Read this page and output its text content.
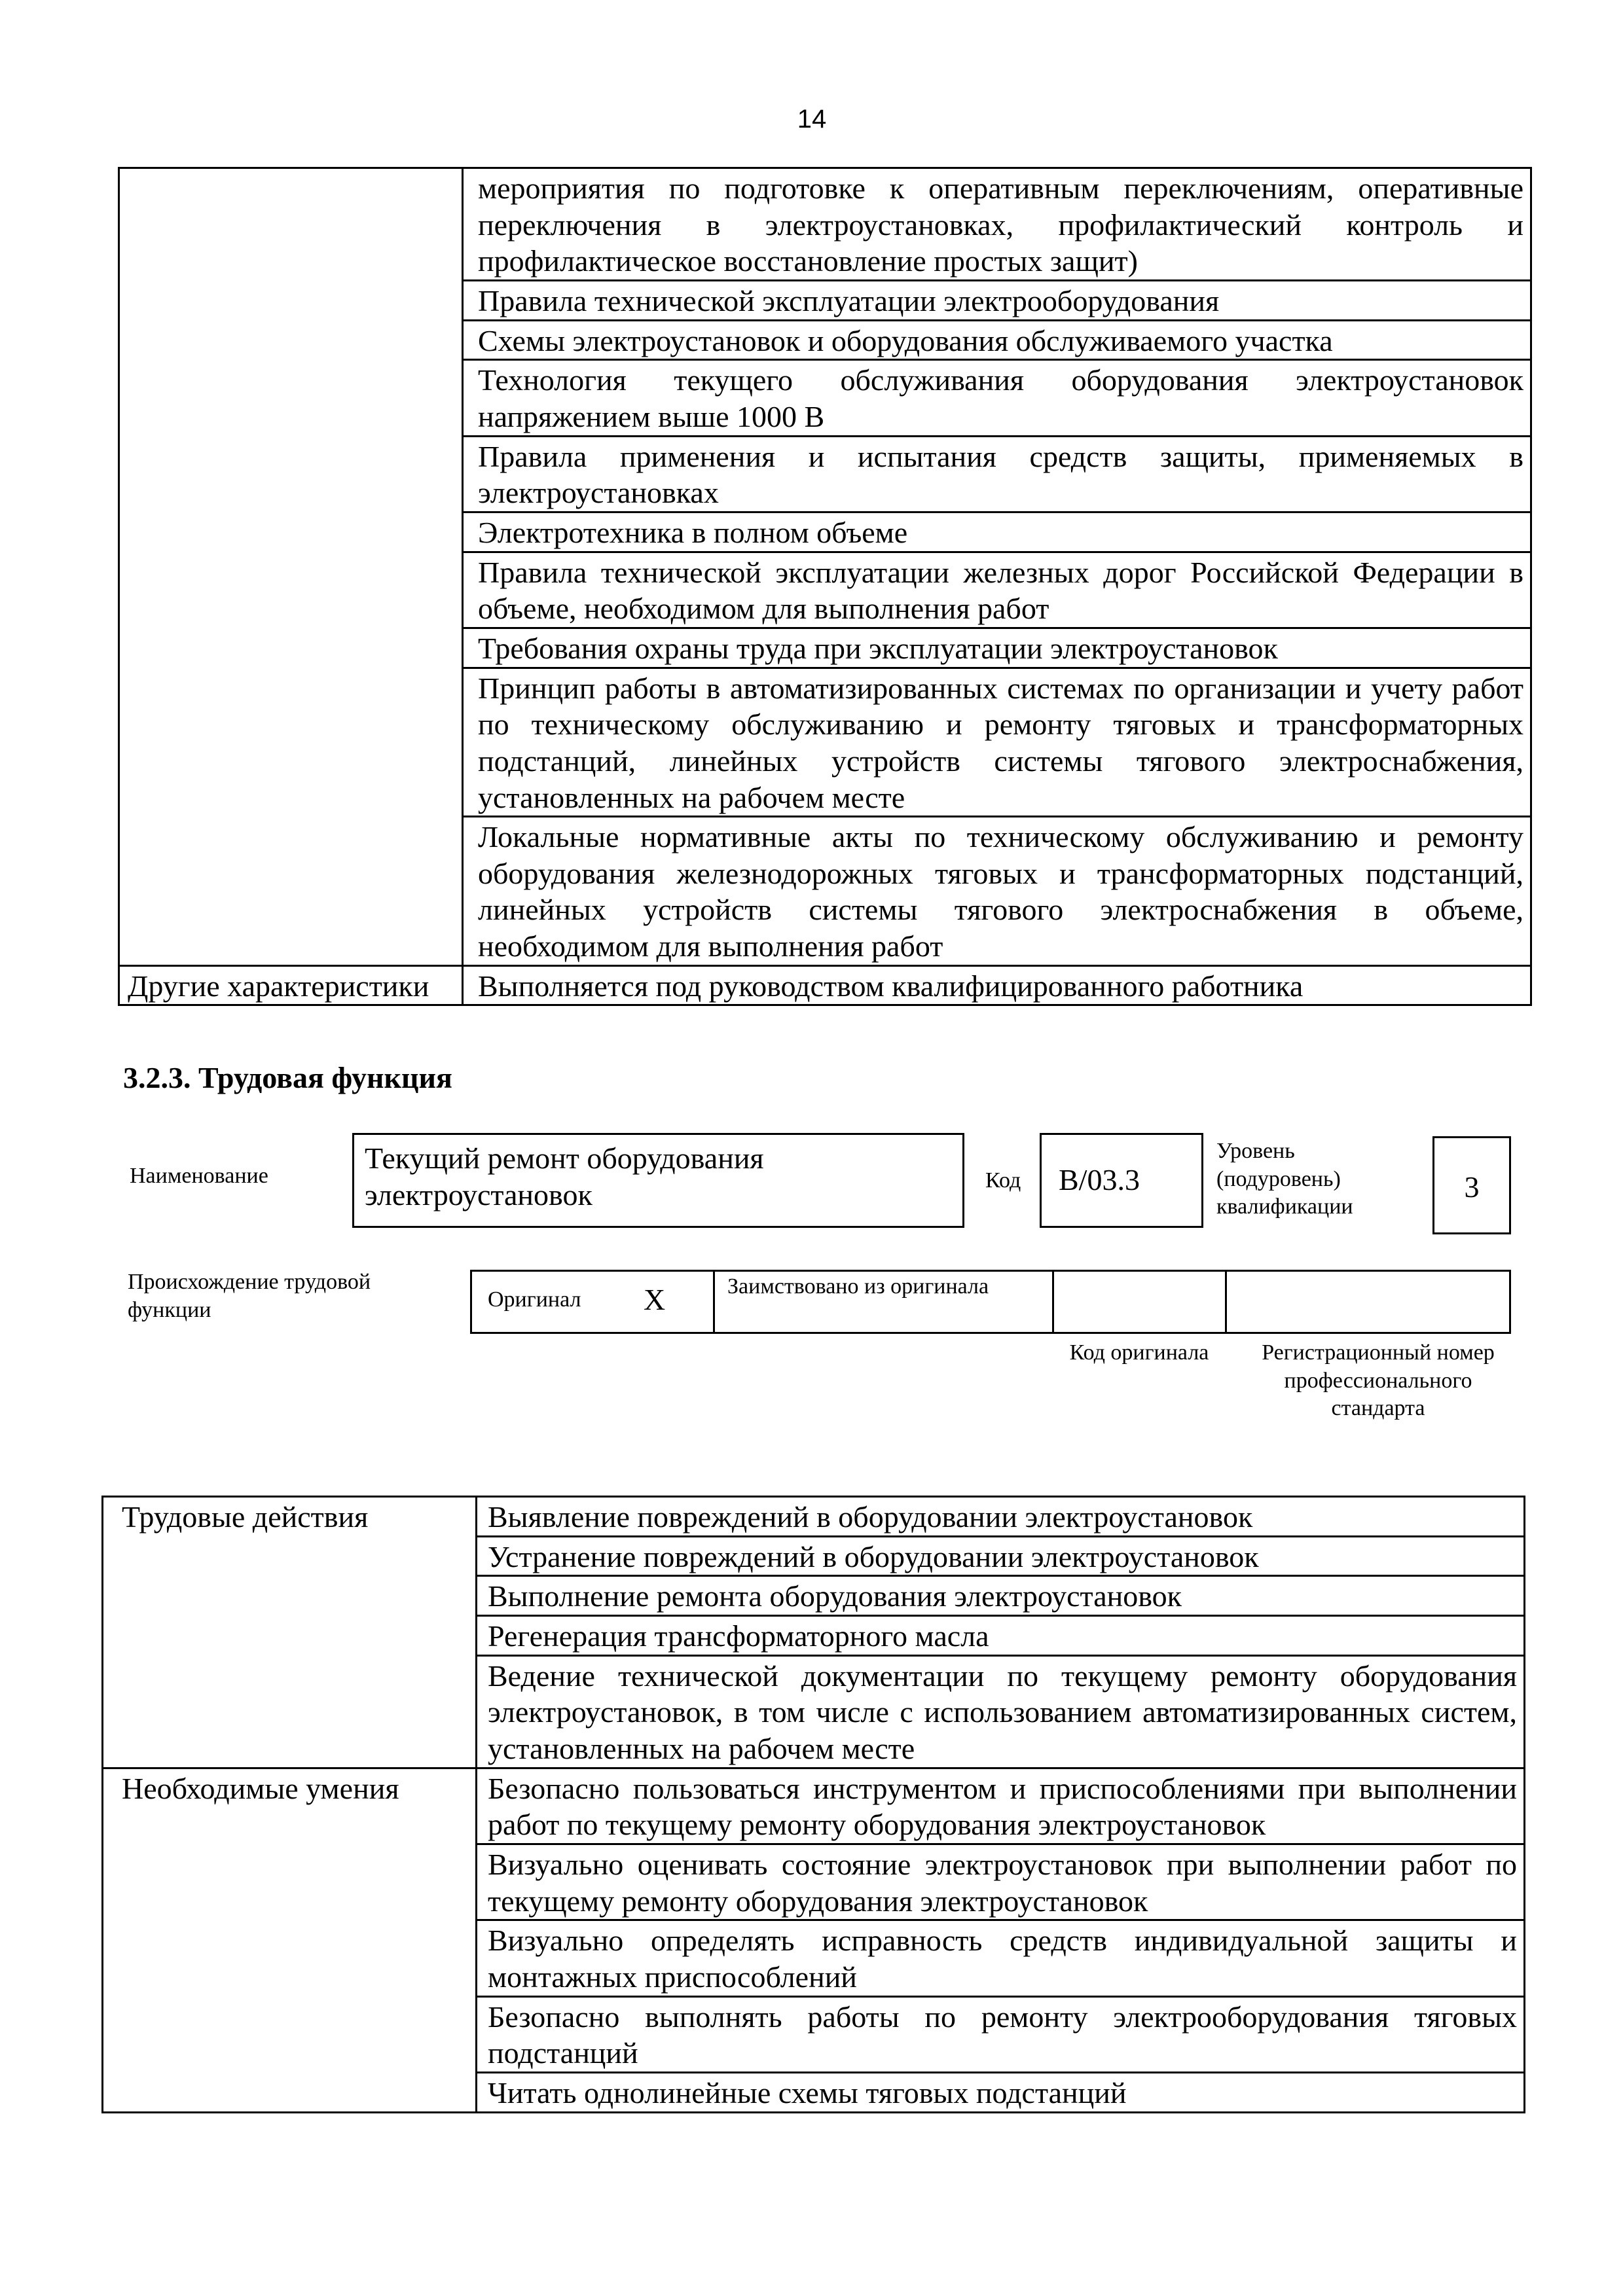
14
	мероприятия по подготовке к оперативным переключениям, оперативные переключения в электроустановках, профилактический контроль и профилактическое восстановление простых защит)
	Правила технической эксплуатации электрооборудования
	Схемы электроустановок и оборудования обслуживаемого участка
	Технология текущего обслуживания оборудования электроустановок напряжением выше 1000 В
	Правила применения и испытания средств защиты, применяемых в электроустановках
	Электротехника в полном объеме
	Правила технической эксплуатации железных дорог Российской Федерации в объеме, необходимом для выполнения работ
	Требования охраны труда при эксплуатации электроустановок
	Принцип работы в автоматизированных системах по организации и учету работ по техническому обслуживанию и ремонту тяговых и трансформаторных подстанций, линейных устройств системы тягового электроснабжения, установленных на рабочем месте
	Локальные нормативные акты по техническому обслуживанию и ремонту оборудования железнодорожных тяговых и трансформаторных подстанций, линейных устройств системы тягового электроснабжения в объеме, необходимом для выполнения работ
Другие характеристики	Выполняется под руководством квалифицированного работника
3.2.3. Трудовая функция
Наименование
Текущий ремонт оборудования электроустановок	Код	B/03.3
Уровень (подуровень) квалификации
3
Происхождение трудовой функции	Оригинал X	Заимствовано из оригинала
Код оригинала	Регистрационный номер профессионального стандарта
Трудовые действия	Выявление повреждений в оборудовании электроустановок
	Устранение повреждений в оборудовании электроустановок
	Выполнение ремонта оборудования электроустановок
	Регенерация трансформаторного масла
	Ведение технической документации по текущему ремонту оборудования электроустановок, в том числе с использованием автоматизированных систем, установленных на рабочем месте
Необходимые умения	Безопасно пользоваться инструментом и приспособлениями при выполнении работ по текущему ремонту оборудования электроустановок
	Визуально оценивать состояние электроустановок при выполнении работ по текущему ремонту оборудования электроустановок
	Визуально определять исправность средств индивидуальной защиты и монтажных приспособлений
	Безопасно выполнять работы по ремонту электрооборудования тяговых подстанций
	Читать однолинейные схемы тяговых подстанций
